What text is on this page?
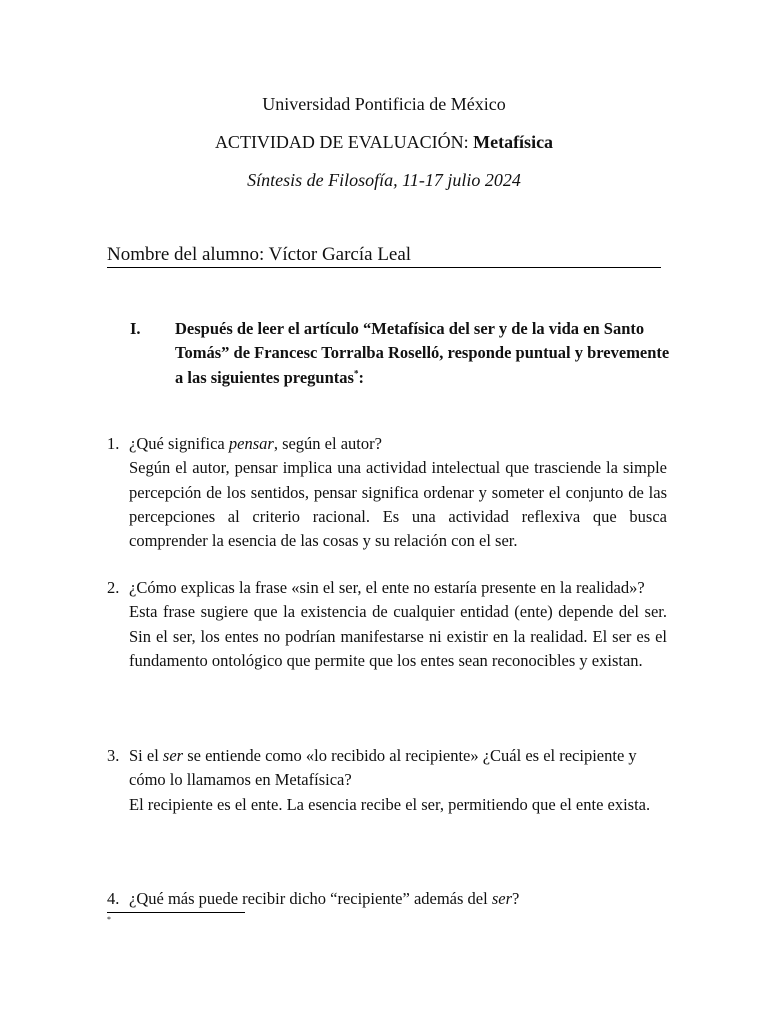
Universidad Pontificia de México
ACTIVIDAD DE EVALUACIÓN: Metafísica
Síntesis de Filosofía, 11-17 julio 2024
Nombre del alumno: Víctor García Leal
I. Después de leer el artículo “Metafísica del ser y de la vida en Santo Tomás” de Francesc Torralba Roselló, responde puntual y brevemente a las siguientes preguntas*:
1. ¿Qué significa pensar, según el autor?
Según el autor, pensar implica una actividad intelectual que trasciende la simple percepción de los sentidos, pensar significa ordenar y someter el conjunto de las percepciones al criterio racional. Es una actividad reflexiva que busca comprender la esencia de las cosas y su relación con el ser.
2. ¿Cómo explicas la frase «sin el ser, el ente no estaría presente en la realidad»?
Esta frase sugiere que la existencia de cualquier entidad (ente) depende del ser. Sin el ser, los entes no podrían manifestarse ni existir en la realidad. El ser es el fundamento ontológico que permite que los entes sean reconocibles y existan.
3. Si el ser se entiende como «lo recibido al recipiente» ¿Cuál es el recipiente y cómo lo llamamos en Metafísica?
El recipiente es el ente. La esencia recibe el ser, permitiendo que el ente exista.
4. ¿Qué más puede recibir dicho “recipiente” además del ser?
*
